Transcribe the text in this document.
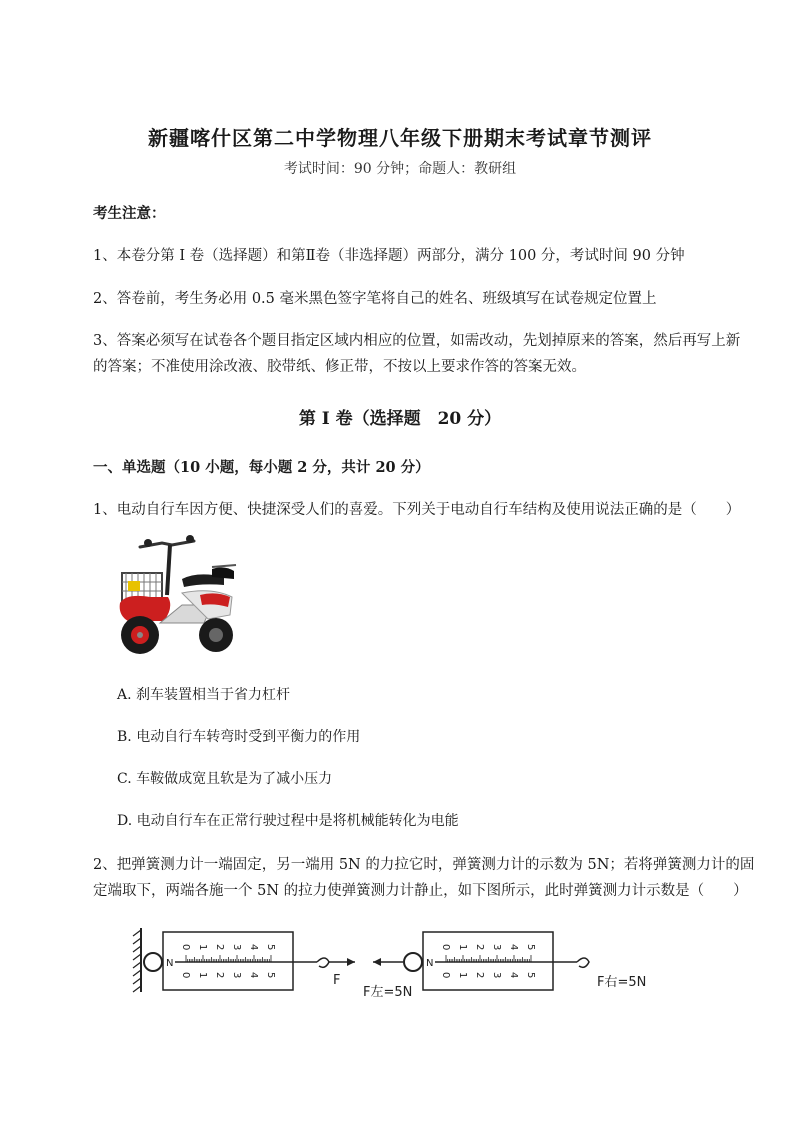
新疆喀什区第二中学物理八年级下册期末考试章节测评
考试时间：90 分钟；命题人：教研组
考生注意：
1、本卷分第 I 卷（选择题）和第Ⅱ卷（非选择题）两部分，满分 100 分，考试时间 90 分钟
2、答卷前，考生务必用 0.5 毫米黑色签字笔将自己的姓名、班级填写在试卷规定位置上
3、答案必须写在试卷各个题目指定区域内相应的位置，如需改动，先划掉原来的答案，然后再写上新
的答案；不准使用涂改液、胶带纸、修正带，不按以上要求作答的答案无效。
第 I 卷（选择题　20 分）
一、单选题（10 小题，每小题 2 分，共计 20 分）
1、电动自行车因方便、快捷深受人们的喜爱。下列关于电动自行车结构及使用说法正确的是（　　）
A. 刹车装置相当于省力杠杆
B. 电动自行车转弯时受到平衡力的作用
C. 车鞍做成宽且软是为了减小压力
D. 电动自行车在正常行驶过程中是将机械能转化为电能
2、把弹簧测力计一端固定，另一端用 5N 的力拉它时，弹簧测力计的示数为 5N；若将弹簧测力计的固
定端取下，两端各施一个 5N 的拉力使弹簧测力计静止，如下图所示，此时弹簧测力计示数是（　　）
N
0 1 2 3 4 5
0 1 2 3 4 5	F
N
0 1 2 3 4 5
0 1 2 3 4 5
F左=5N
F右=5N
